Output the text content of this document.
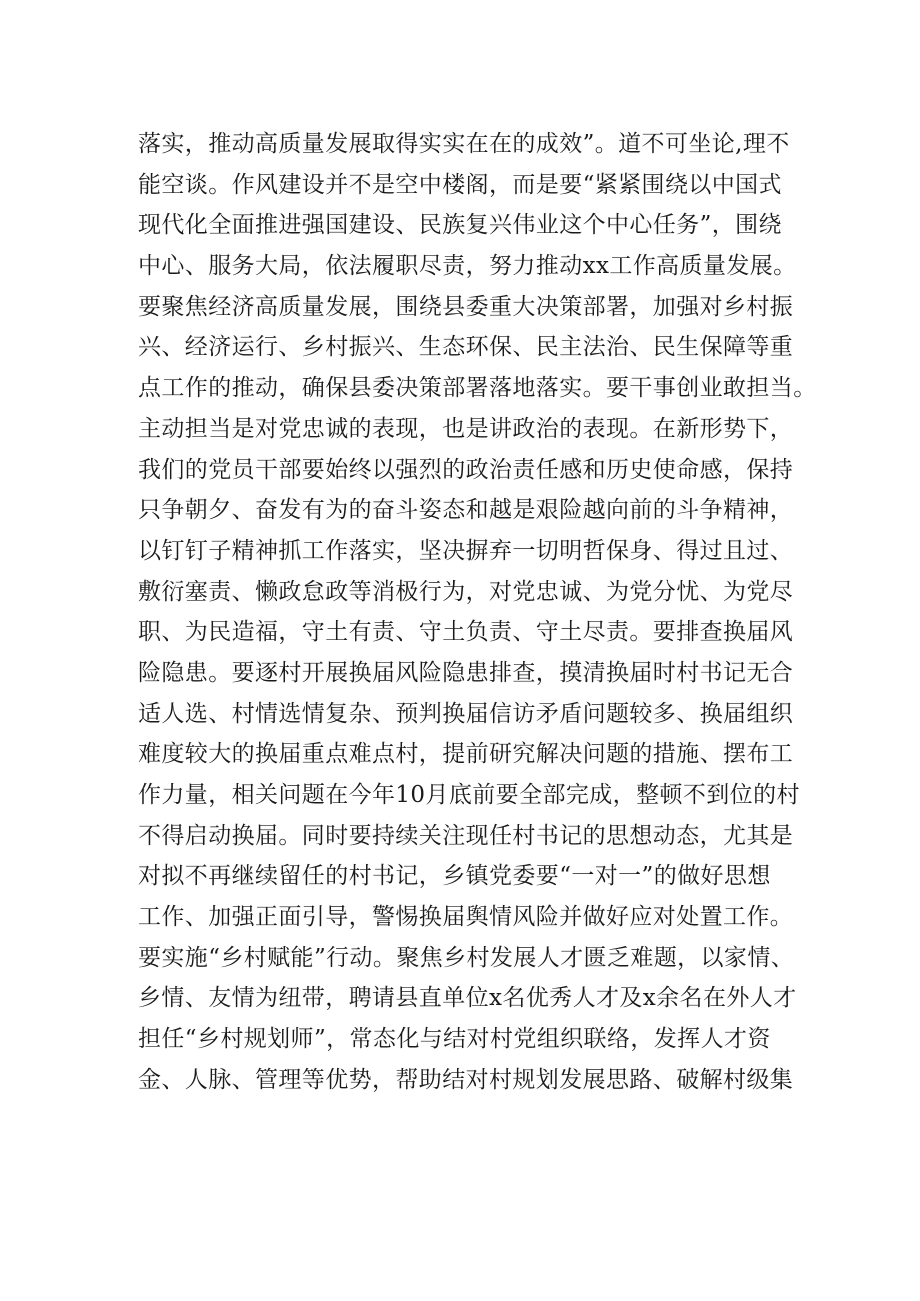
落实，推动高质量发展取得实实在在的成效”。道不可坐论,理不
能空谈。作风建设并不是空中楼阁，而是要“紧紧围绕以中国式
现代化全面推进强国建设、民族复兴伟业这个中心任务”，围绕
中心、服务大局，依法履职尽责，努力推动xx工作高质量发展。
要聚焦经济高质量发展，围绕县委重大决策部署，加强对乡村振
兴、经济运行、乡村振兴、生态环保、民主法治、民生保障等重
点工作的推动，确保县委决策部署落地落实。要干事创业敢担当。
主动担当是对党忠诚的表现，也是讲政治的表现。在新形势下，
我们的党员干部要始终以强烈的政治责任感和历史使命感，保持
只争朝夕、奋发有为的奋斗姿态和越是艰险越向前的斗争精神，
以钉钉子精神抓工作落实，坚决摒弃一切明哲保身、得过且过、
敷衍塞责、懒政怠政等消极行为，对党忠诚、为党分忧、为党尽
职、为民造福，守土有责、守土负责、守土尽责。要排查换届风
险隐患。要逐村开展换届风险隐患排查，摸清换届时村书记无合
适人选、村情选情复杂、预判换届信访矛盾问题较多、换届组织
难度较大的换届重点难点村，提前研究解决问题的措施、摆布工
作力量，相关问题在今年10月底前要全部完成，整顿不到位的村
不得启动换届。同时要持续关注现任村书记的思想动态，尤其是
对拟不再继续留任的村书记，乡镇党委要“一对一”的做好思想
工作、加强正面引导，警惕换届舆情风险并做好应对处置工作。
要实施“乡村赋能”行动。聚焦乡村发展人才匮乏难题，以家情、
乡情、友情为纽带，聘请县直单位x名优秀人才及x余名在外人才
担任“乡村规划师”，常态化与结对村党组织联络，发挥人才资
金、人脉、管理等优势，帮助结对村规划发展思路、破解村级集
